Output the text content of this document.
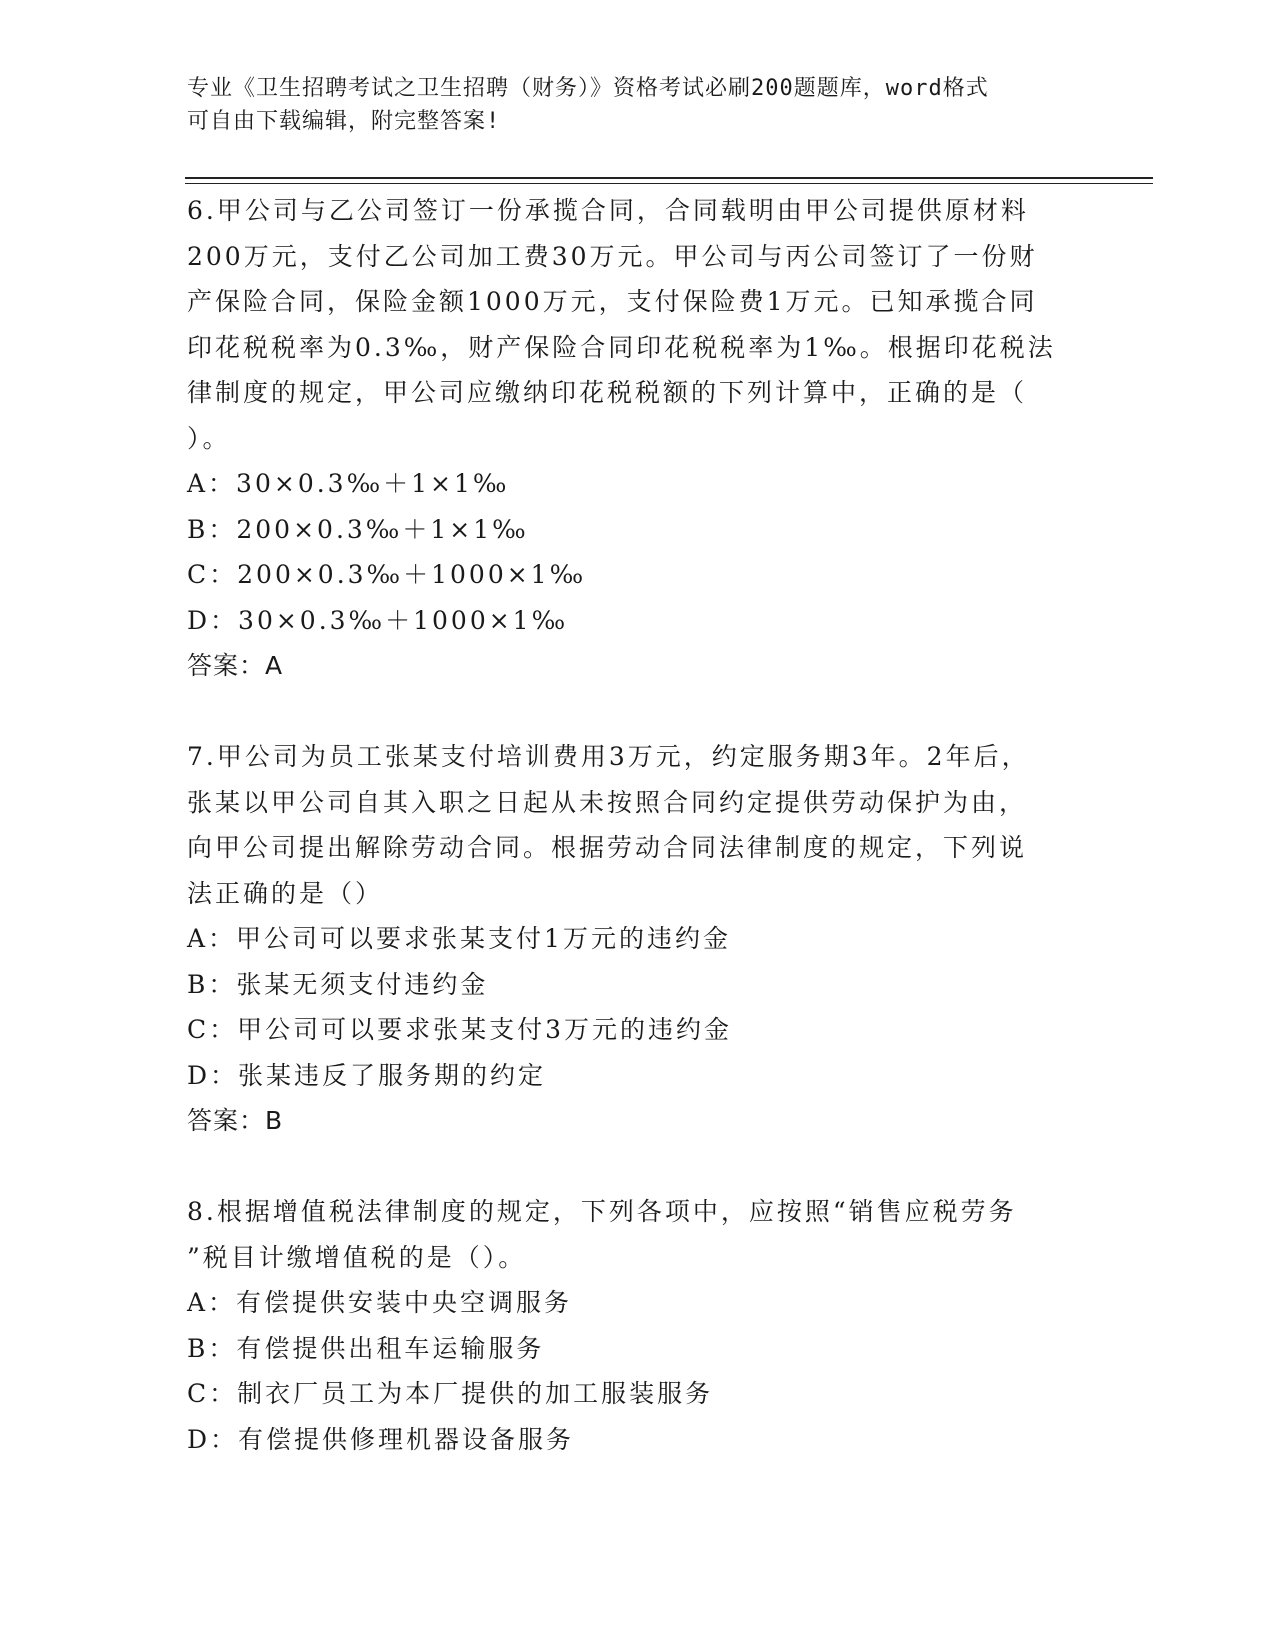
专业《卫生招聘考试之卫生招聘（财务）》资格考试必刷200题题库，word格式
可自由下载编辑，附完整答案!

6.甲公司与乙公司签订一份承揽合同，合同载明由甲公司提供原材料

200万元，支付乙公司加工费30万元。甲公司与丙公司签订了一份财

产保险合同，保险金额1000万元，支付保险费1万元。已知承揽合同

印花税税率为0.3‰，财产保险合同印花税税率为1‰。根据印花税法

律制度的规定，甲公司应缴纳印花税税额的下列计算中，正确的是（

）。

A：30×0.3‰＋1×1‰

B：200×0.3‰＋1×1‰

C：200×0.3‰＋1000×1‰

D：30×0.3‰＋1000×1‰

答案：A

7.甲公司为员工张某支付培训费用3万元，约定服务期3年。2年后，

张某以甲公司自其入职之日起从未按照合同约定提供劳动保护为由，

向甲公司提出解除劳动合同。根据劳动合同法律制度的规定，下列说

法正确的是（）

A：甲公司可以要求张某支付1万元的违约金

B：张某无须支付违约金

C：甲公司可以要求张某支付3万元的违约金

D：张某违反了服务期的约定

答案：B

8.根据增值税法律制度的规定，下列各项中，应按照“销售应税劳务

”税目计缴增值税的是（）。

A：有偿提供安装中央空调服务

B：有偿提供出租车运输服务

C：制衣厂员工为本厂提供的加工服装服务

D：有偿提供修理机器设备服务
